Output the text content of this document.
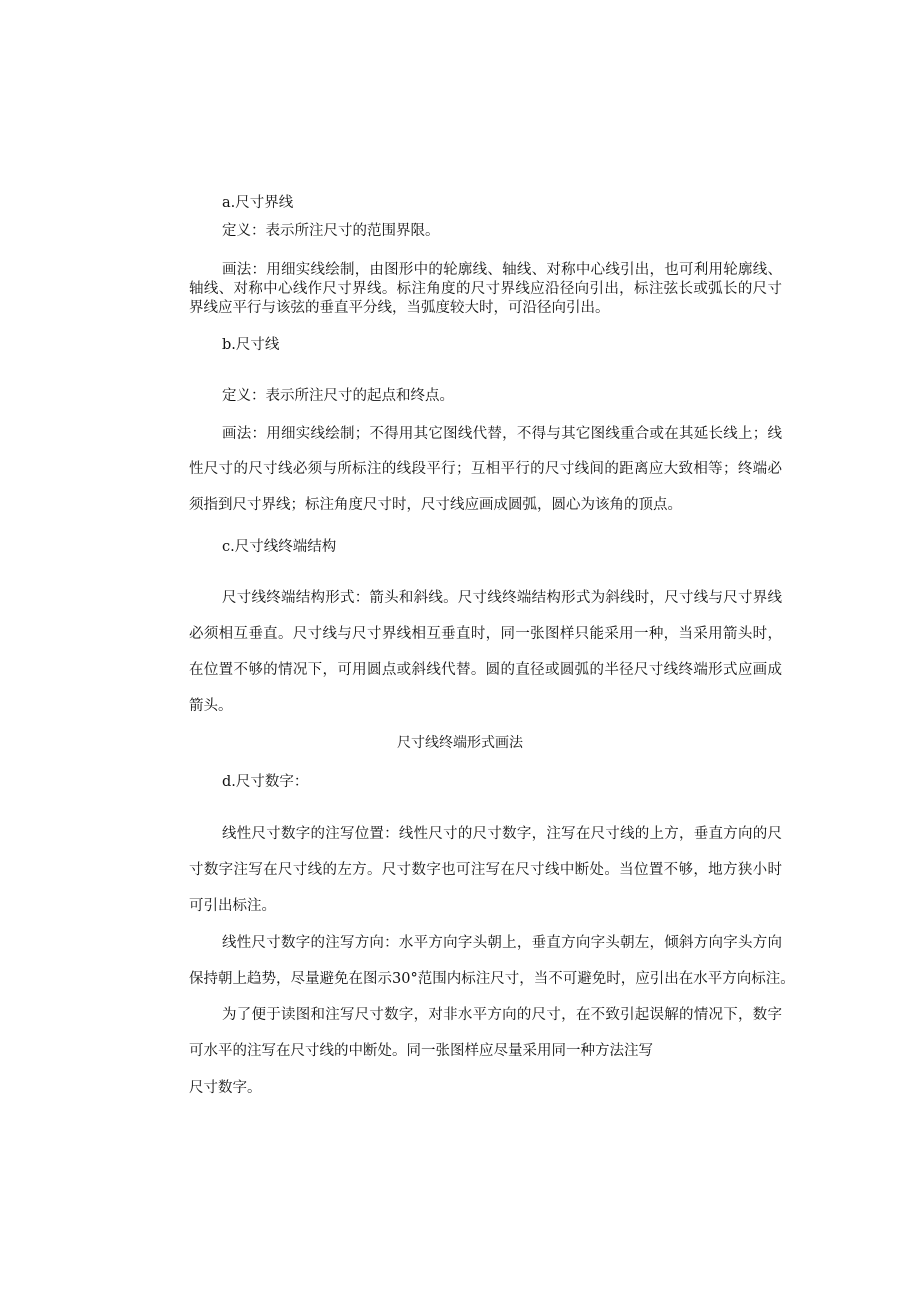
a.尺寸界线
定义：表示所注尺寸的范围界限。
画法：用细实线绘制，由图形中的轮廓线、轴线、对称中心线引出，也可利用轮廓线、
轴线、对称中心线作尺寸界线。标注角度的尺寸界线应沿径向引出，标注弦长或弧长的尺寸
界线应平行与该弦的垂直平分线，当弧度较大时，可沿径向引出。
b.尺寸线
定义：表示所注尺寸的起点和终点。
画法：用细实线绘制；不得用其它图线代替，不得与其它图线重合或在其延长线上；线
性尺寸的尺寸线必须与所标注的线段平行；互相平行的尺寸线间的距离应大致相等；终端必
须指到尺寸界线；标注角度尺寸时，尺寸线应画成圆弧，圆心为该角的顶点。
c.尺寸线终端结构
尺寸线终端结构形式：箭头和斜线。尺寸线终端结构形式为斜线时，尺寸线与尺寸界线
必须相互垂直。尺寸线与尺寸界线相互垂直时，同一张图样只能采用一种，当采用箭头时，
在位置不够的情况下，可用圆点或斜线代替。圆的直径或圆弧的半径尺寸线终端形式应画成
箭头。
尺寸线终端形式画法
d.尺寸数字：
线性尺寸数字的注写位置：线性尺寸的尺寸数字，注写在尺寸线的上方，垂直方向的尺
寸数字注写在尺寸线的左方。尺寸数字也可注写在尺寸线中断处。当位置不够，地方狭小时
可引出标注。
线性尺寸数字的注写方向：水平方向字头朝上，垂直方向字头朝左，倾斜方向字头方向
保持朝上趋势，尽量避免在图示30°范围内标注尺寸，当不可避免时，应引出在水平方向标注。
为了便于读图和注写尺寸数字，对非水平方向的尺寸，在不致引起误解的情况下，数字
可水平的注写在尺寸线的中断处。同一张图样应尽量采用同一种方法注写
尺寸数字。
